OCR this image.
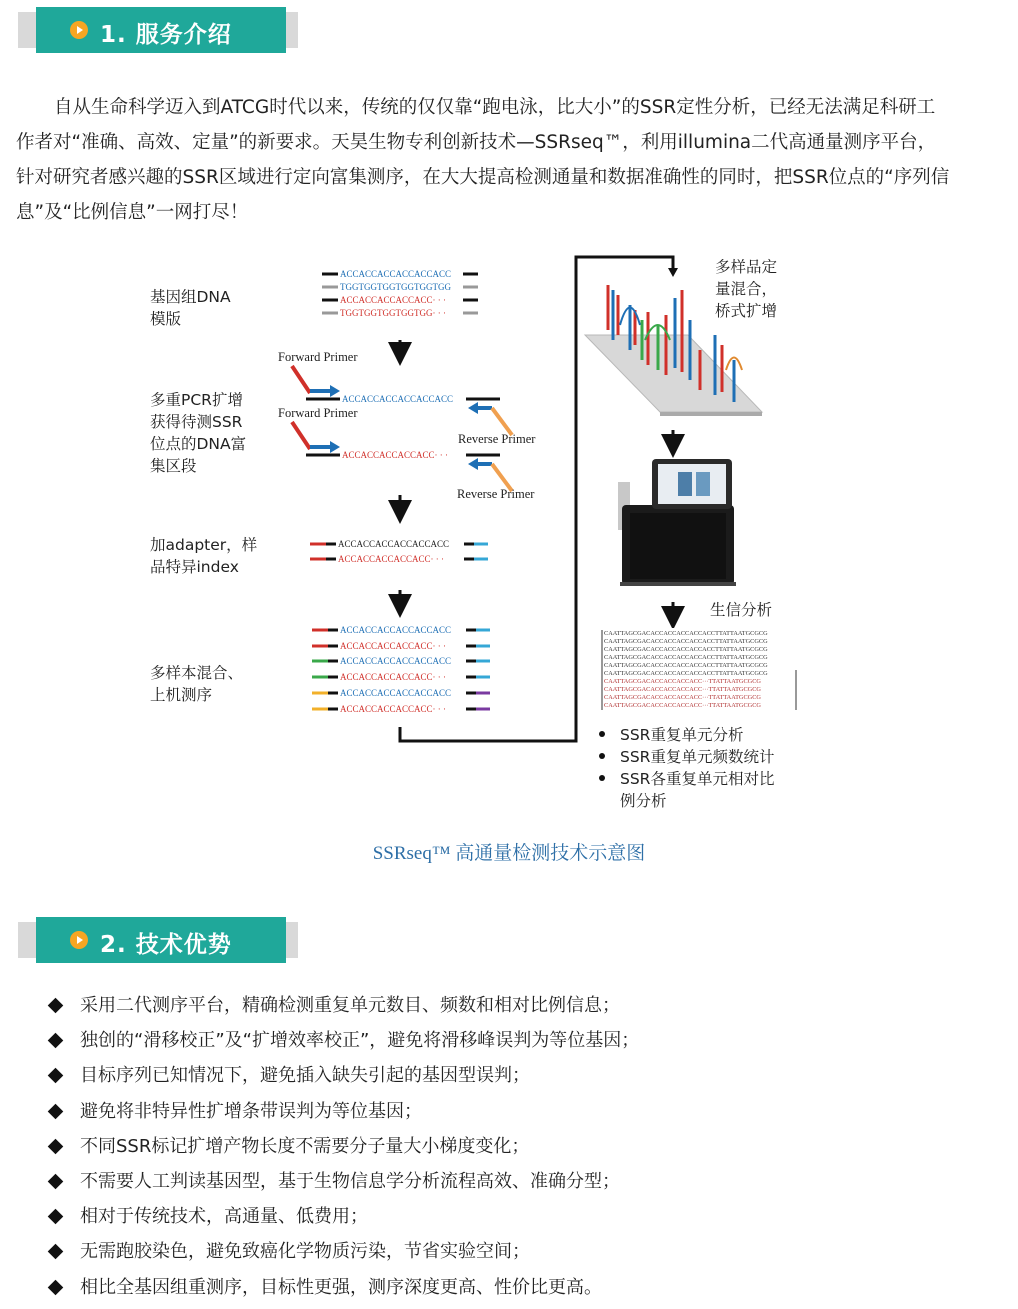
1. 服务介绍
自从生命科学迈入到ATCG时代以来，传统的仅仅靠“跑电泳，比大小”的SSR定性分析，已经无法满足科研工作者对“准确、高效、定量”的新要求。天昊生物专利创新技术—SSRseq™，利用illumina二代高通量测序平台，针对研究者感兴趣的SSR区域进行定向富集测序，在大大提高检测通量和数据准确性的同时，把SSR位点的“序列信息”及“比例信息”一网打尽！
基因组DNA
模版
多重PCR扩增
获得待测SSR
位点的DNA富
集区段
加adapter，样
品特异index
多样本混合、
上机测序
ACCACCACCACCACCACC
TGGTGGTGGTGGTGGTGG
ACCACCACCACCACC· · ·
TGGTGGTGGTGGTGG· · ·
Forward Primer
ACCACCACCACCACCACC
Reverse Primer
Forward Primer
ACCACCACCACCACC· · ·
Reverse Primer
ACCACCACCACCACCACC
ACCACCACCACCACC· · ·
ACCACCACCACCACCACC
ACCACCACCACCACC· · ·
ACCACCACCACCACCACC
ACCACCACCACCACC· · ·
ACCACCACCACCACCACC
ACCACCACCACCACC· · ·
多样品定
量混合，
桥式扩增
生信分析
CAATTAGCGACACCACCACCACCACCTTATTAATGCGCG
CAATTAGCGACACCACCACCACCACCTTATTAATGCGCG
CAATTAGCGACACCACCACCACCACCTTATTAATGCGCG
CAATTAGCGACACCACCACCACCACCTTATTAATGCGCG
CAATTAGCGACACCACCACCACCACCTTATTAATGCGCG
CAATTAGCGACACCACCACCACCACCTTATTAATGCGCG
CAATTAGCGACACCACCACCACC···TTATTAATGCGCG
CAATTAGCGACACCACCACCACC···TTATTAATGCGCG
CAATTAGCGACACCACCACCACC···TTATTAATGCGCG
CAATTAGCGACACCACCACCACC···TTATTAATGCGCG
SSR重复单元分析
SSR重复单元频数统计
SSR各重复单元相对比
例分析
SSRseq™ 高通量检测技术示意图
2. 技术优势
采用二代测序平台，精确检测重复单元数目、频数和相对比例信息；
独创的“滑移校正”及“扩增效率校正”，避免将滑移峰误判为等位基因；
目标序列已知情况下，避免插入缺失引起的基因型误判；
避免将非特异性扩增条带误判为等位基因；
不同SSR标记扩增产物长度不需要分子量大小梯度变化；
不需要人工判读基因型，基于生物信息学分析流程高效、准确分型；
相对于传统技术，高通量、低费用；
无需跑胶染色，避免致癌化学物质污染，节省实验空间；
相比全基因组重测序，目标性更强，测序深度更高、性价比更高。
